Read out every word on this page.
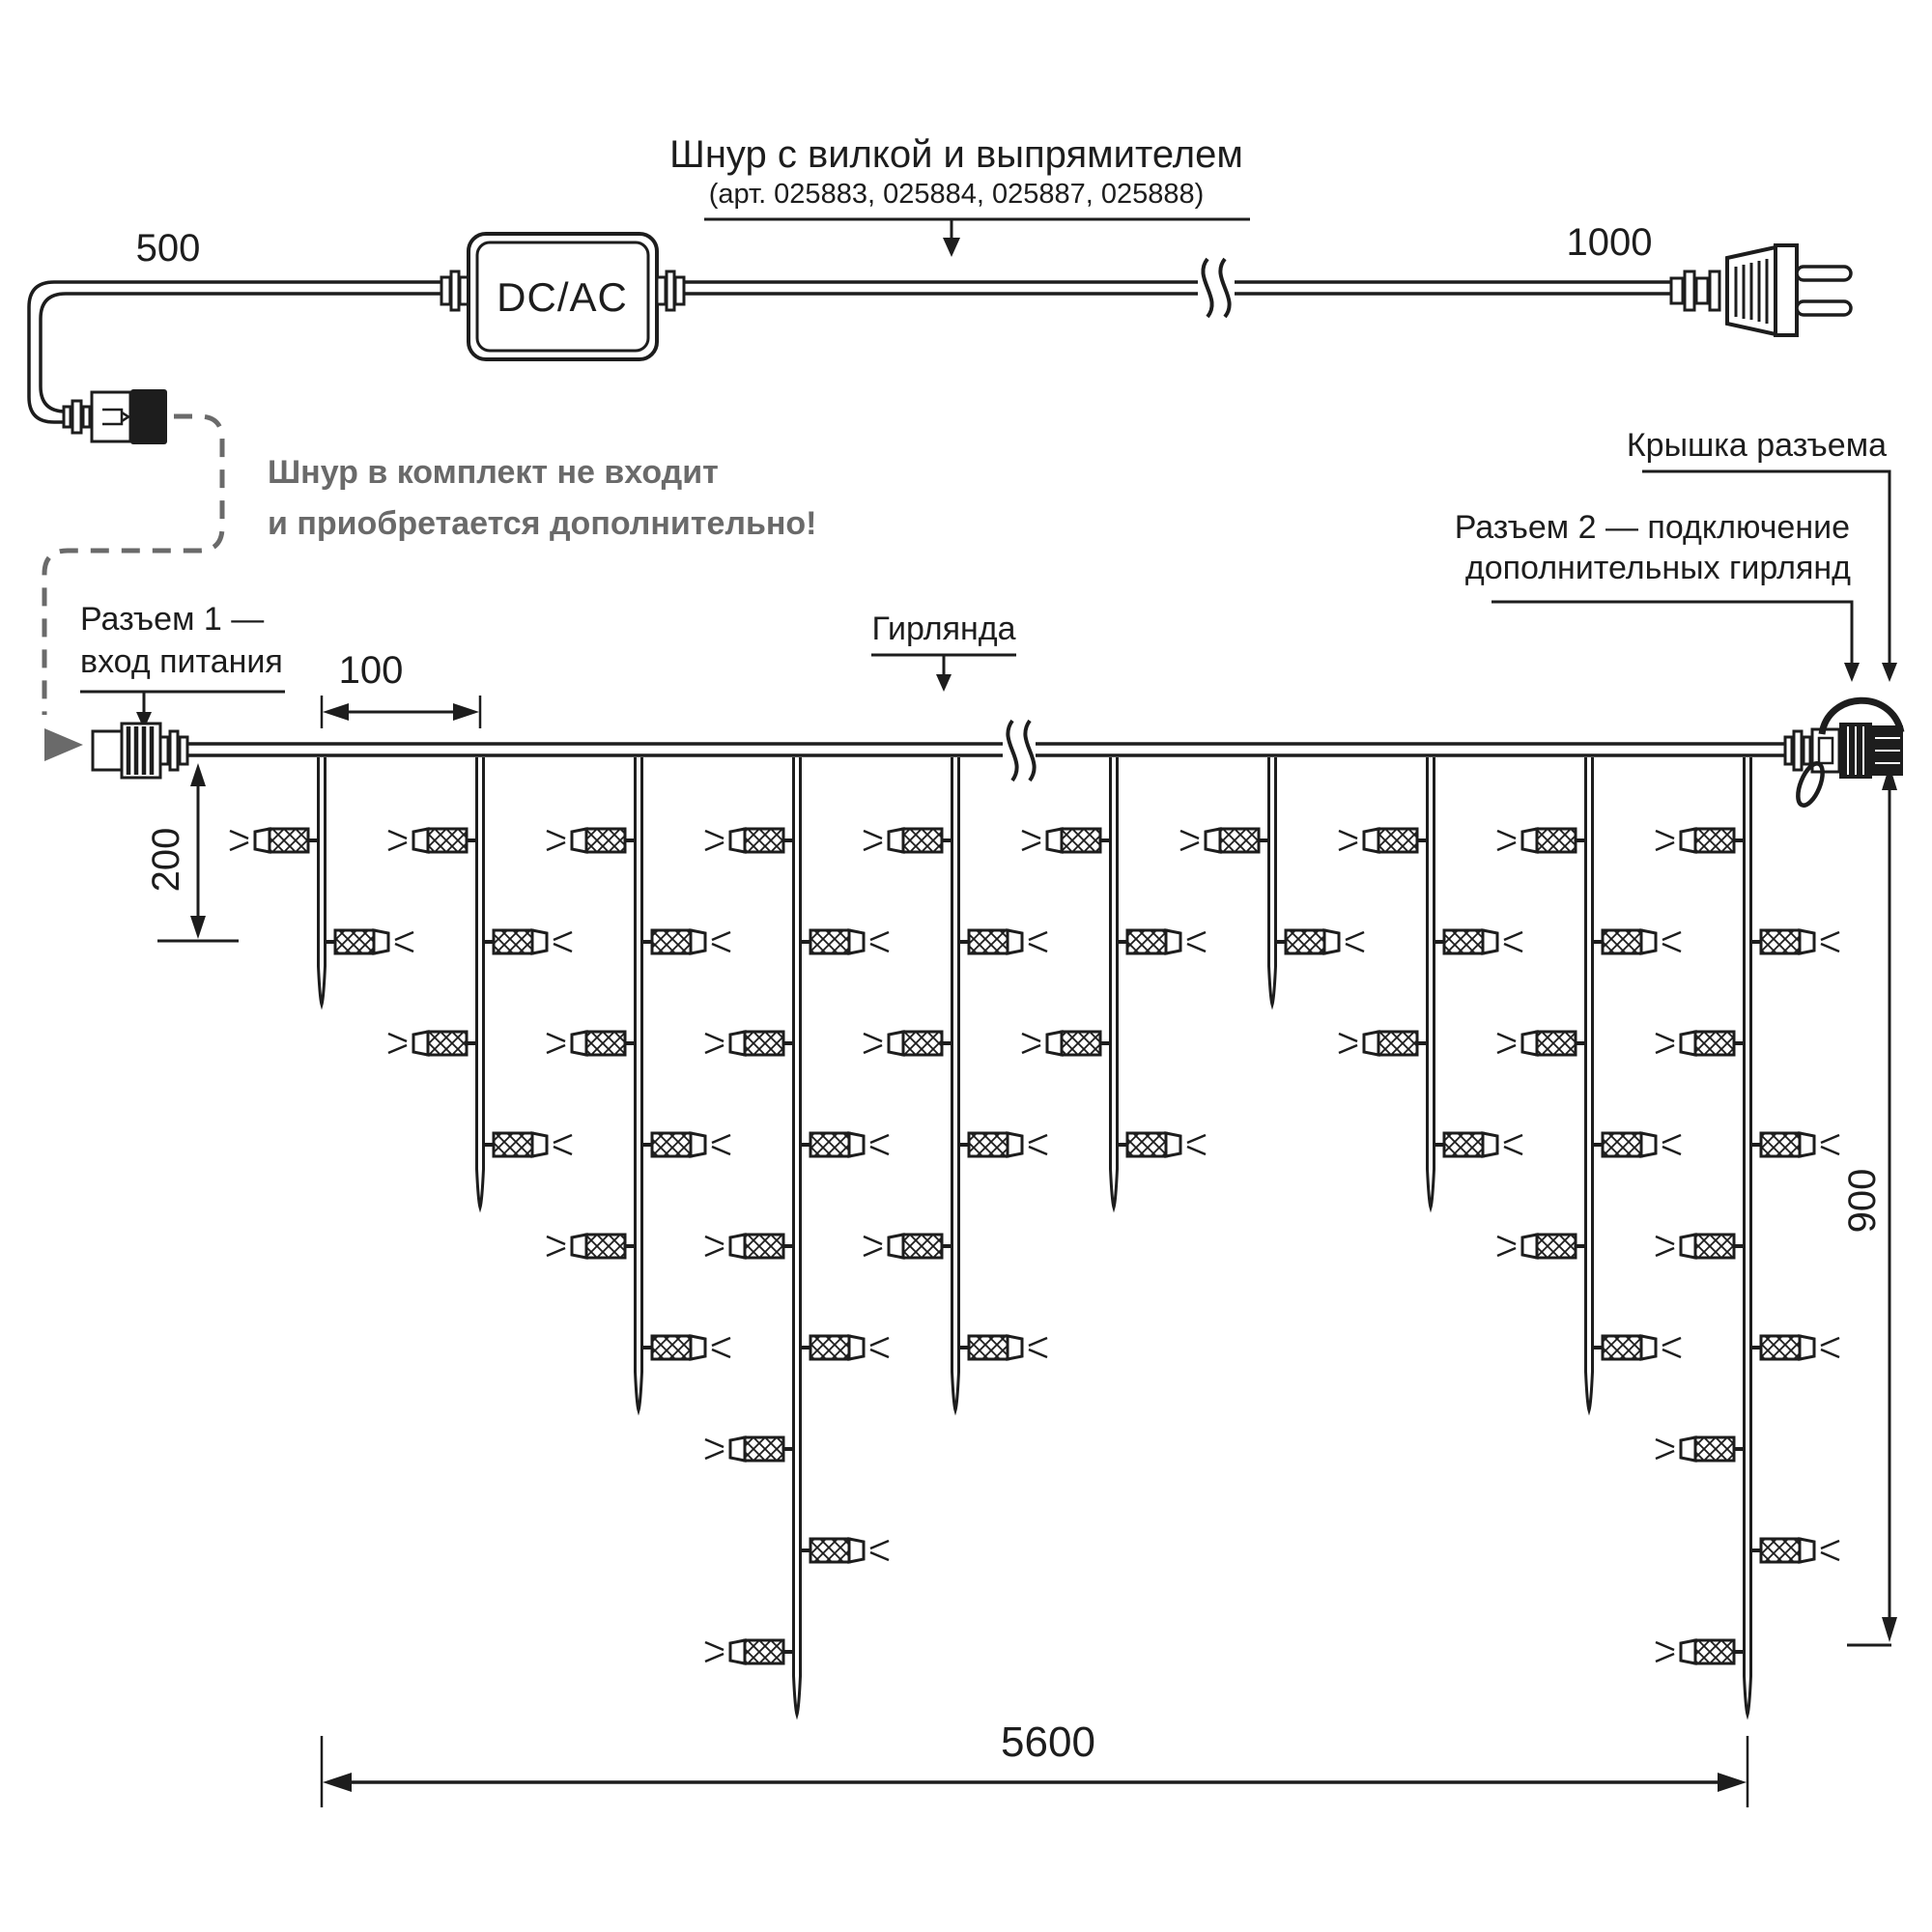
Шнур с вилкой и выпрямителем
(арт. 025883, 025884, 025887, 025888)
500	1000
DC/AC
Шнур в комплект не входит
и приобретается дополнительно!
Разъем 1 —
вход питания 100
200
Гирлянда
Крышка разъема
Разъем 2 — подключение
дополнительных гирлянд
900
5600
